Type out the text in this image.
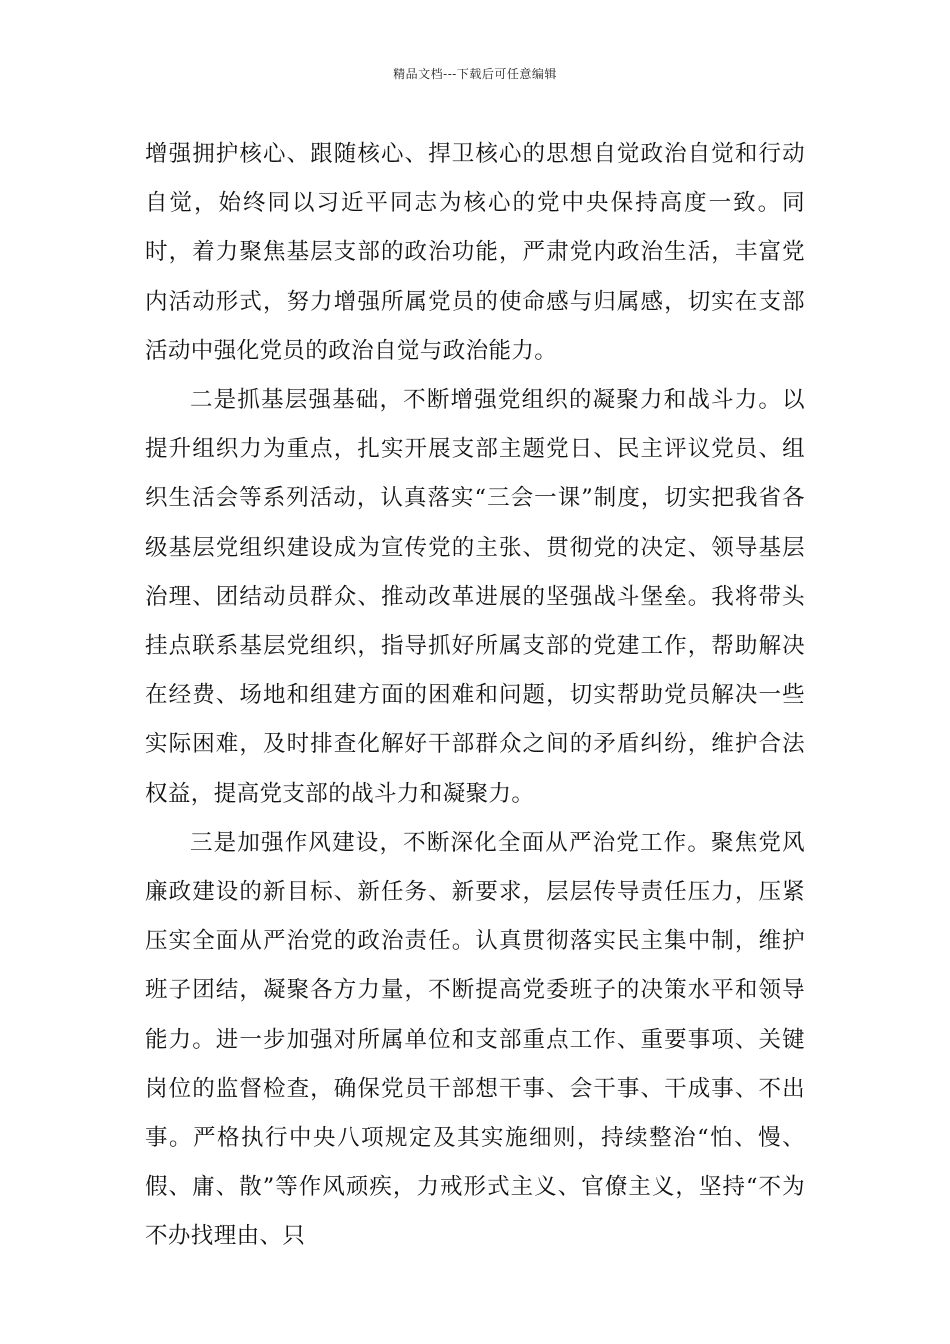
精品文档---下载后可任意编辑

增强拥护核心、跟随核心、捍卫核心的思想自觉政治自觉和行动自觉，始终同以习近平同志为核心的党中央保持高度一致。同时，着力聚焦基层支部的政治功能，严肃党内政治生活，丰富党内活动形式，努力增强所属党员的使命感与归属感，切实在支部活动中强化党员的政治自觉与政治能力。

二是抓基层强基础，不断增强党组织的凝聚力和战斗力。以提升组织力为重点，扎实开展支部主题党日、民主评议党员、组织生活会等系列活动，认真落实“三会一课”制度，切实把我省各级基层党组织建设成为宣传党的主张、贯彻党的决定、领导基层治理、团结动员群众、推动改革进展的坚强战斗堡垒。我将带头挂点联系基层党组织，指导抓好所属支部的党建工作，帮助解决在经费、场地和组建方面的困难和问题，切实帮助党员解决一些实际困难，及时排查化解好干部群众之间的矛盾纠纷，维护合法权益，提高党支部的战斗力和凝聚力。

三是加强作风建设，不断深化全面从严治党工作。聚焦党风廉政建设的新目标、新任务、新要求，层层传导责任压力，压紧压实全面从严治党的政治责任。认真贯彻落实民主集中制，维护班子团结，凝聚各方力量，不断提高党委班子的决策水平和领导能力。进一步加强对所属单位和支部重点工作、重要事项、关键岗位的监督检查，确保党员干部想干事、会干事、干成事、不出事。严格执行中央八项规定及其实施细则，持续整治“怕、慢、假、庸、散”等作风顽疾，力戒形式主义、官僚主义，坚持“不为不办找理由、只
